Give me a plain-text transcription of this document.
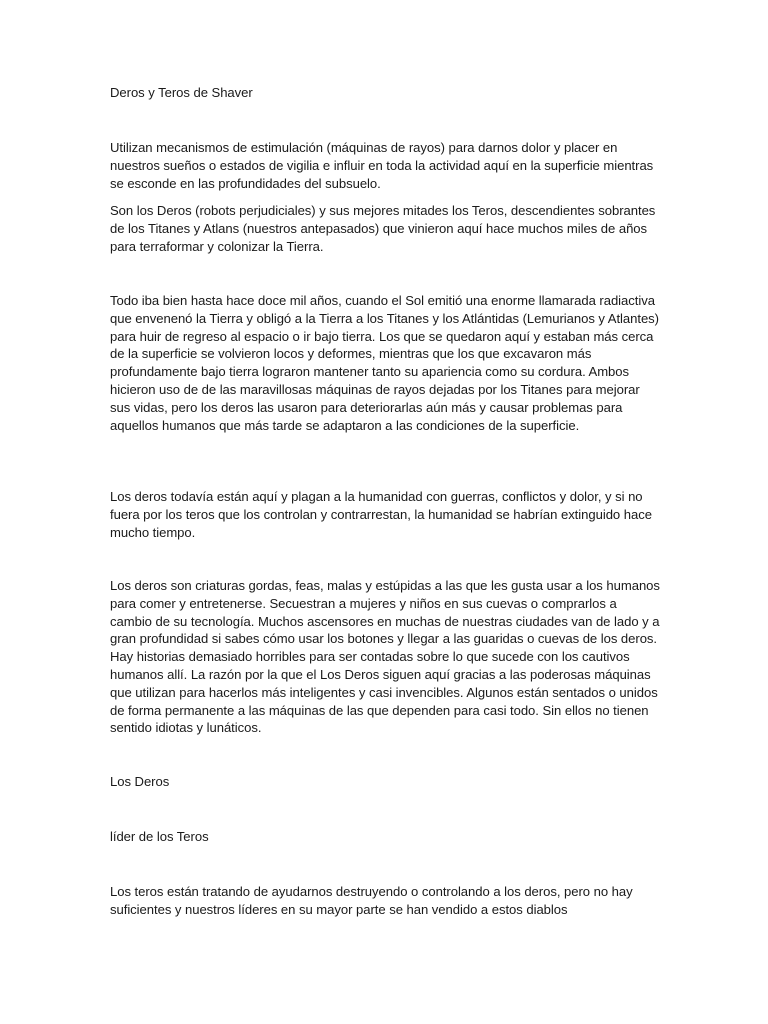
Deros y Teros de Shaver

Utilizan mecanismos de estimulación (máquinas de rayos) para darnos dolor y placer en nuestros sueños o estados de vigilia e influir en toda la actividad aquí en la superficie mientras se esconde en las profundidades del subsuelo.

Son los Deros (robots perjudiciales) y sus mejores mitades los Teros, descendientes sobrantes de los Titanes y Atlans (nuestros antepasados) que vinieron aquí hace muchos miles de años para terraformar y colonizar la Tierra.

Todo iba bien hasta hace doce mil años, cuando el Sol emitió una enorme llamarada radiactiva que envenenó la Tierra y obligó a la Tierra a los Titanes y los Atlántidas (Lemurianos y Atlantes) para huir de regreso al espacio o ir bajo tierra. Los que se quedaron aquí y estaban más cerca de la superficie se volvieron locos y deformes, mientras que los que excavaron más profundamente bajo tierra lograron mantener tanto su apariencia como su cordura. Ambos hicieron uso de de las maravillosas máquinas de rayos dejadas por los Titanes para mejorar sus vidas, pero los deros las usaron para deteriorarlas aún más y causar problemas para aquellos humanos que más tarde se adaptaron a las condiciones de la superficie.

Los deros todavía están aquí y plagan a la humanidad con guerras, conflictos y dolor, y si no fuera por los teros que los controlan y contrarrestan, la humanidad se habrían extinguido hace mucho tiempo.

Los deros son criaturas gordas, feas, malas y estúpidas a las que les gusta usar a los humanos para comer y entretenerse. Secuestran a mujeres y niños en sus cuevas o comprarlos a cambio de su tecnología. Muchos ascensores en muchas de nuestras ciudades van de lado y a gran profundidad si sabes cómo usar los botones y llegar a las guaridas o cuevas de los deros. Hay historias demasiado horribles para ser contadas sobre lo que sucede con los cautivos humanos allí. La razón por la que el Los Deros siguen aquí gracias a las poderosas máquinas que utilizan para hacerlos más inteligentes y casi invencibles. Algunos están sentados o unidos de forma permanente a las máquinas de las que dependen para casi todo. Sin ellos no tienen sentido idiotas y lunáticos.

Los Deros

líder de los Teros

Los teros están tratando de ayudarnos destruyendo o controlando a los deros, pero no hay suficientes y nuestros líderes en su mayor parte se han vendido a estos diablos
